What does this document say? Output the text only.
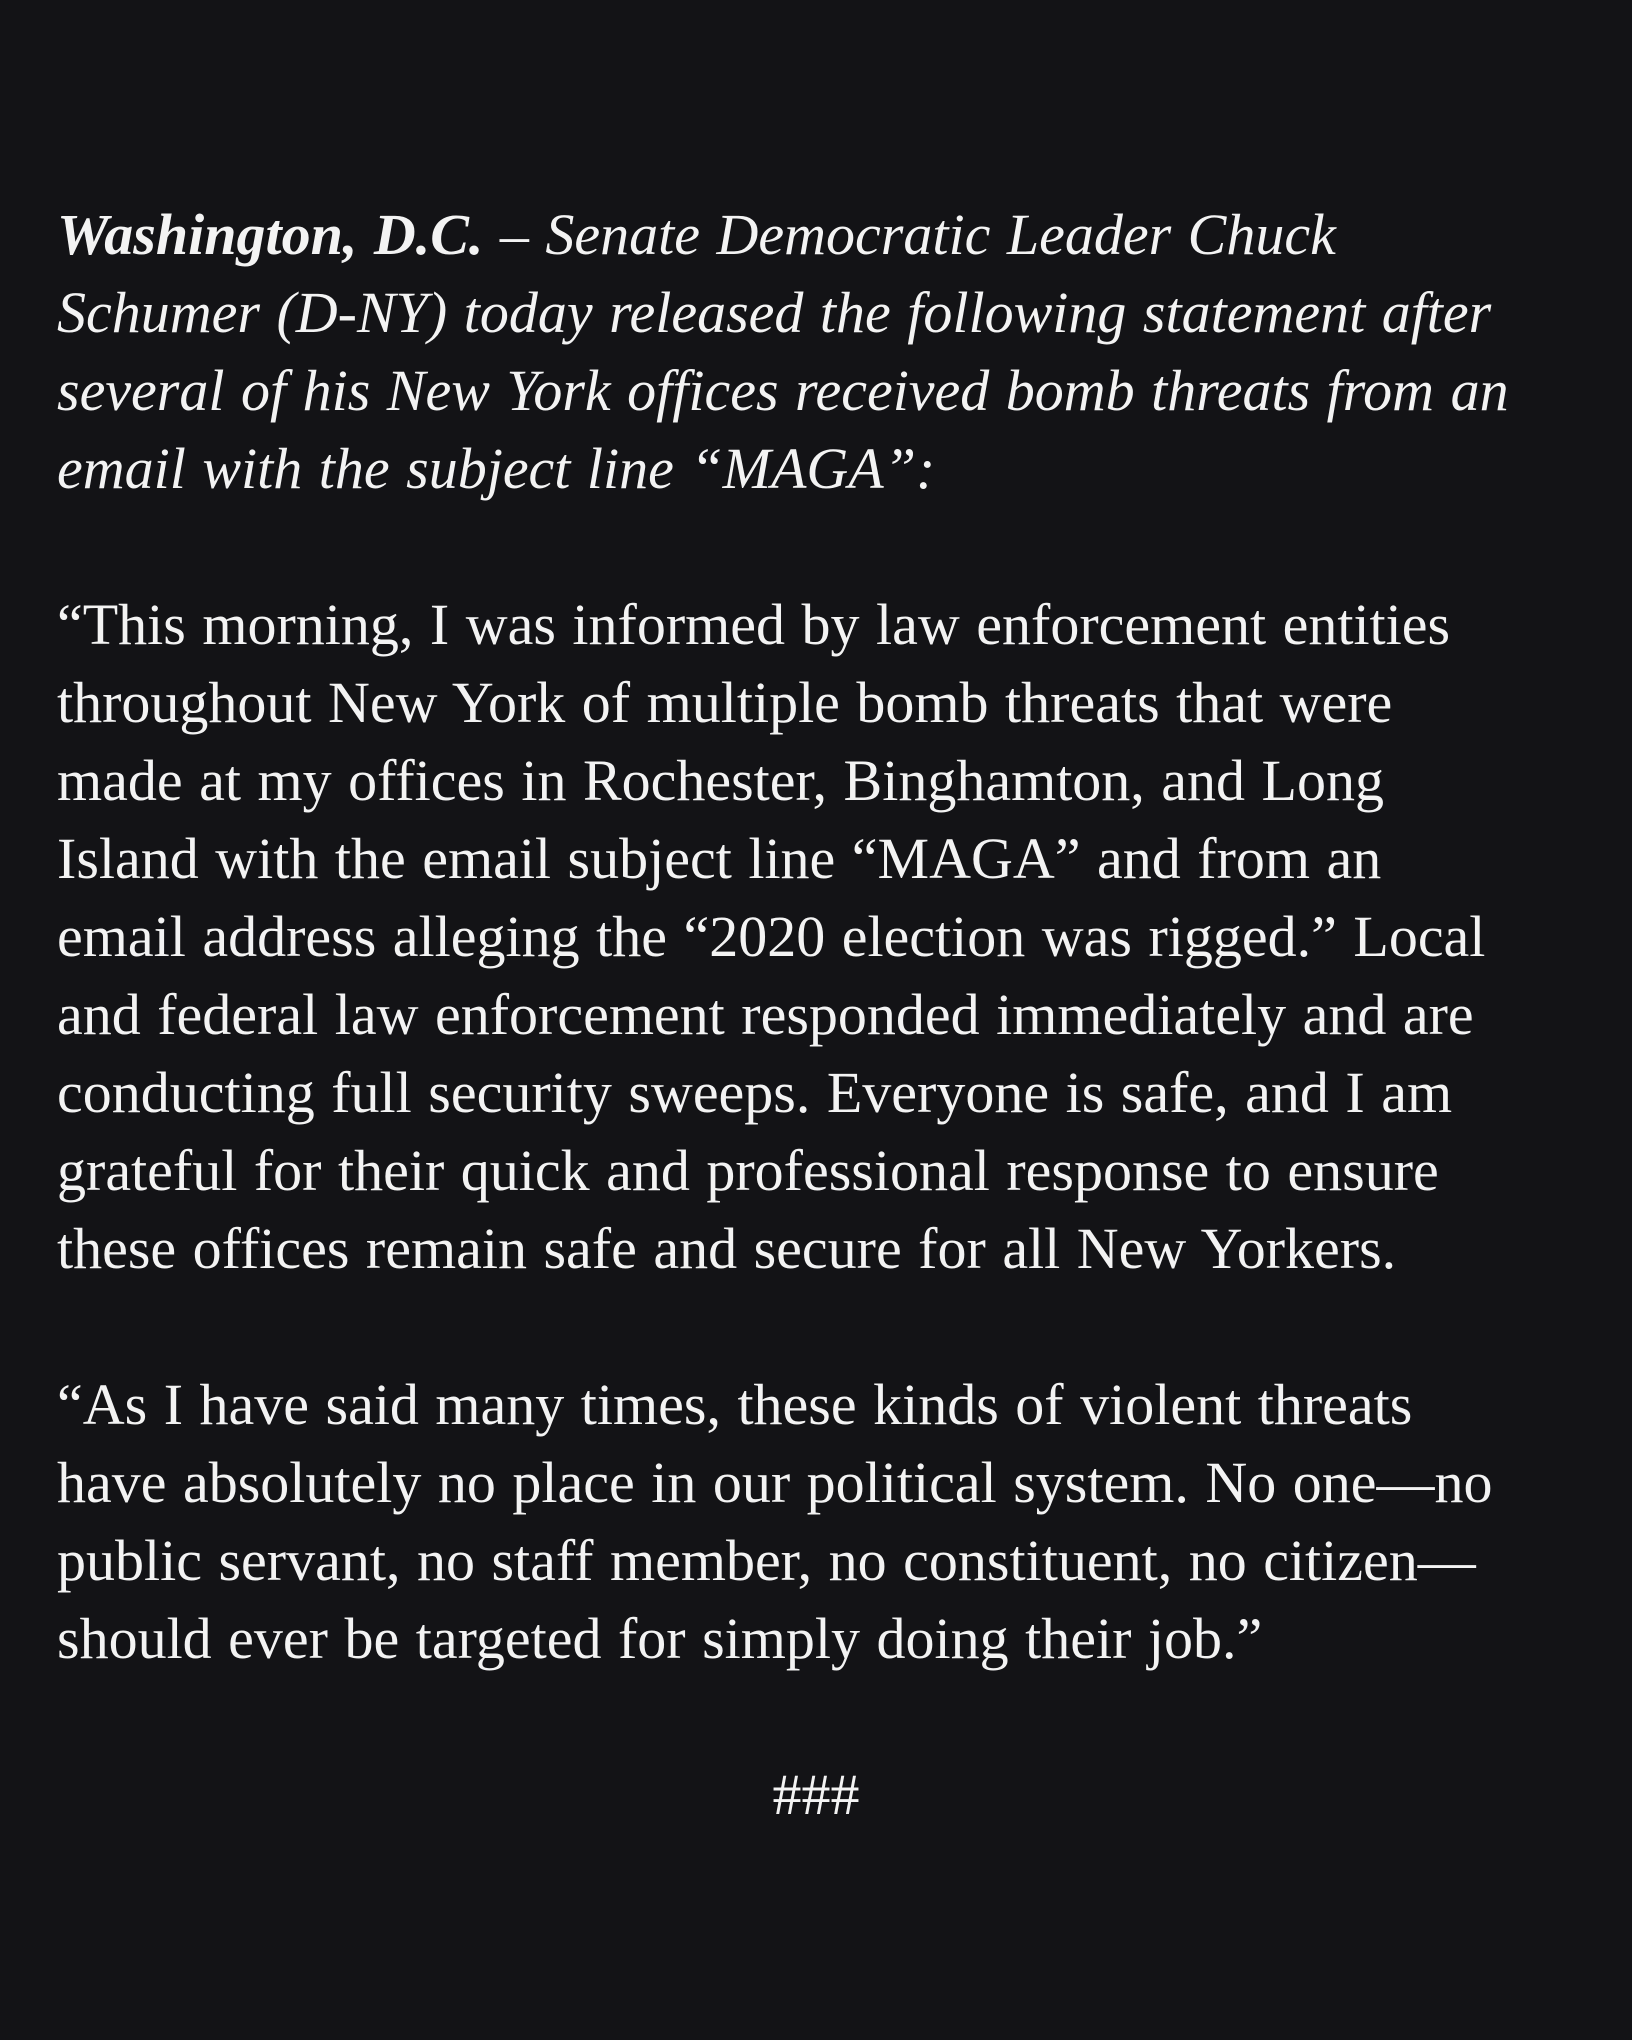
Washington, D.C. – Senate Democratic Leader Chuck
Schumer (D-NY) today released the following statement after
several of his New York offices received bomb threats from an
email with the subject line “MAGA”:
“This morning, I was informed by law enforcement entities
throughout New York of multiple bomb threats that were
made at my offices in Rochester, Binghamton, and Long
Island with the email subject line “MAGA” and from an
email address alleging the “2020 election was rigged.” Local
and federal law enforcement responded immediately and are
conducting full security sweeps. Everyone is safe, and I am
grateful for their quick and professional response to ensure
these offices remain safe and secure for all New Yorkers.
“As I have said many times, these kinds of violent threats
have absolutely no place in our political system. No one—no
public servant, no staff member, no constituent, no citizen—
should ever be targeted for simply doing their job.”
###
